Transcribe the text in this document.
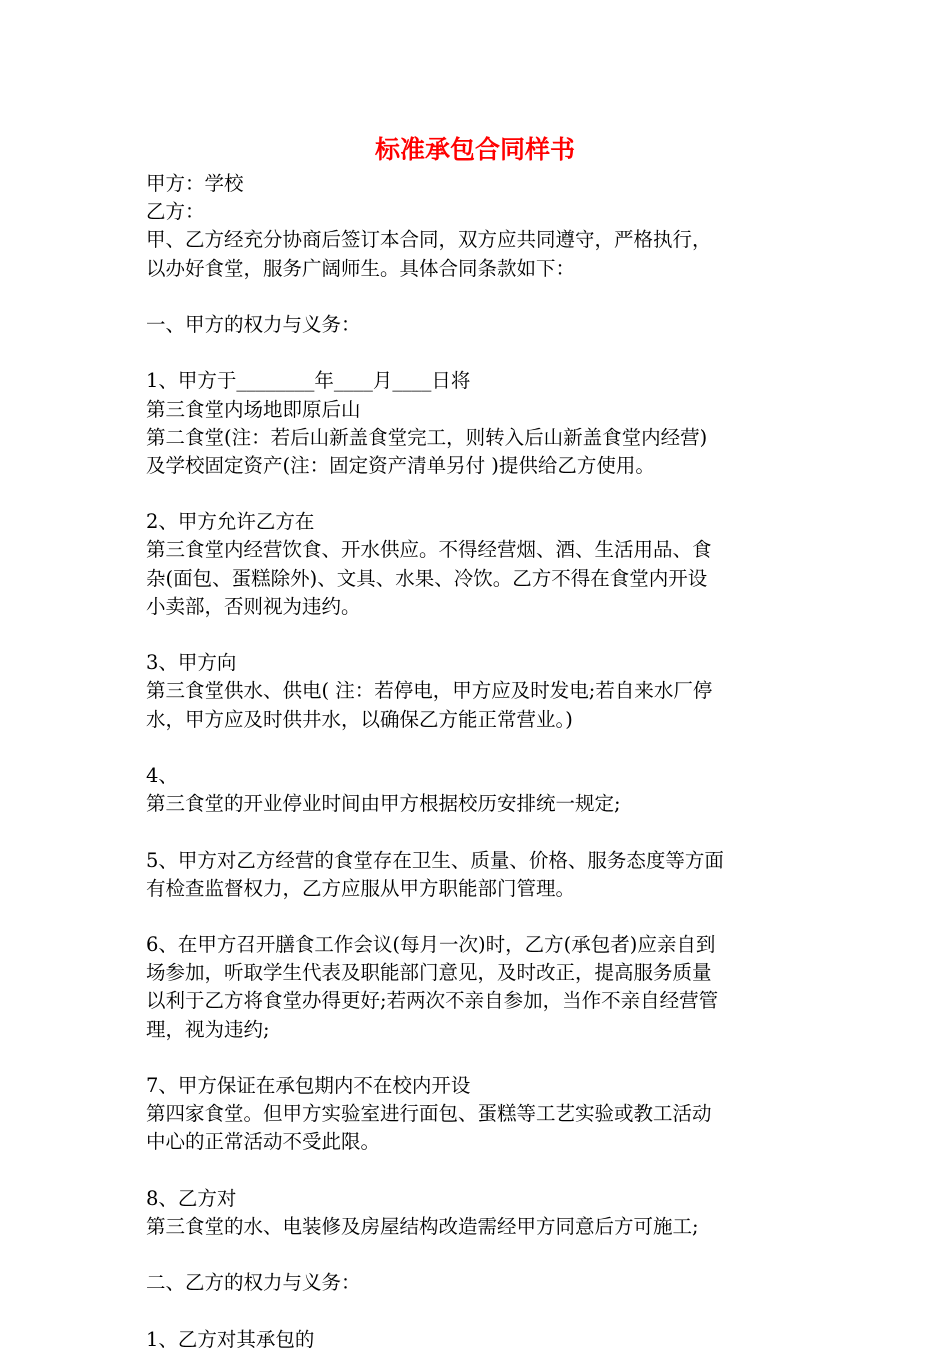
标准承包合同样书
甲方：学校
乙方：
甲、乙方经充分协商后签订本合同，双方应共同遵守，严格执行，
以办好食堂，服务广阔师生。具体合同条款如下：
一、甲方的权力与义务：
1、甲方于________年____月____日将
第三食堂内场地即原后山
第二食堂(注：若后山新盖食堂完工，则转入后山新盖食堂内经营)
及学校固定资产(注：固定资产清单另付 )提供给乙方使用。
2、甲方允许乙方在
第三食堂内经营饮食、开水供应。不得经营烟、酒、生活用品、食
杂(面包、蛋糕除外)、文具、水果、冷饮。乙方不得在食堂内开设
小卖部，否则视为违约。
3、甲方向
第三食堂供水、供电( 注：若停电，甲方应及时发电;若自来水厂停
水，甲方应及时供井水，以确保乙方能正常营业。)
4、
第三食堂的开业停业时间由甲方根据校历安排统一规定;
5、甲方对乙方经营的食堂存在卫生、质量、价格、服务态度等方面
有检查监督权力，乙方应服从甲方职能部门管理。
6、在甲方召开膳食工作会议(每月一次)时，乙方(承包者)应亲自到
场参加，听取学生代表及职能部门意见，及时改正，提高服务质量
以利于乙方将食堂办得更好;若两次不亲自参加，当作不亲自经营管
理，视为违约;
7、甲方保证在承包期内不在校内开设
第四家食堂。但甲方实验室进行面包、蛋糕等工艺实验或教工活动
中心的正常活动不受此限。
8、乙方对
第三食堂的水、电装修及房屋结构改造需经甲方同意后方可施工;
二、乙方的权力与义务：
1、乙方对其承包的
